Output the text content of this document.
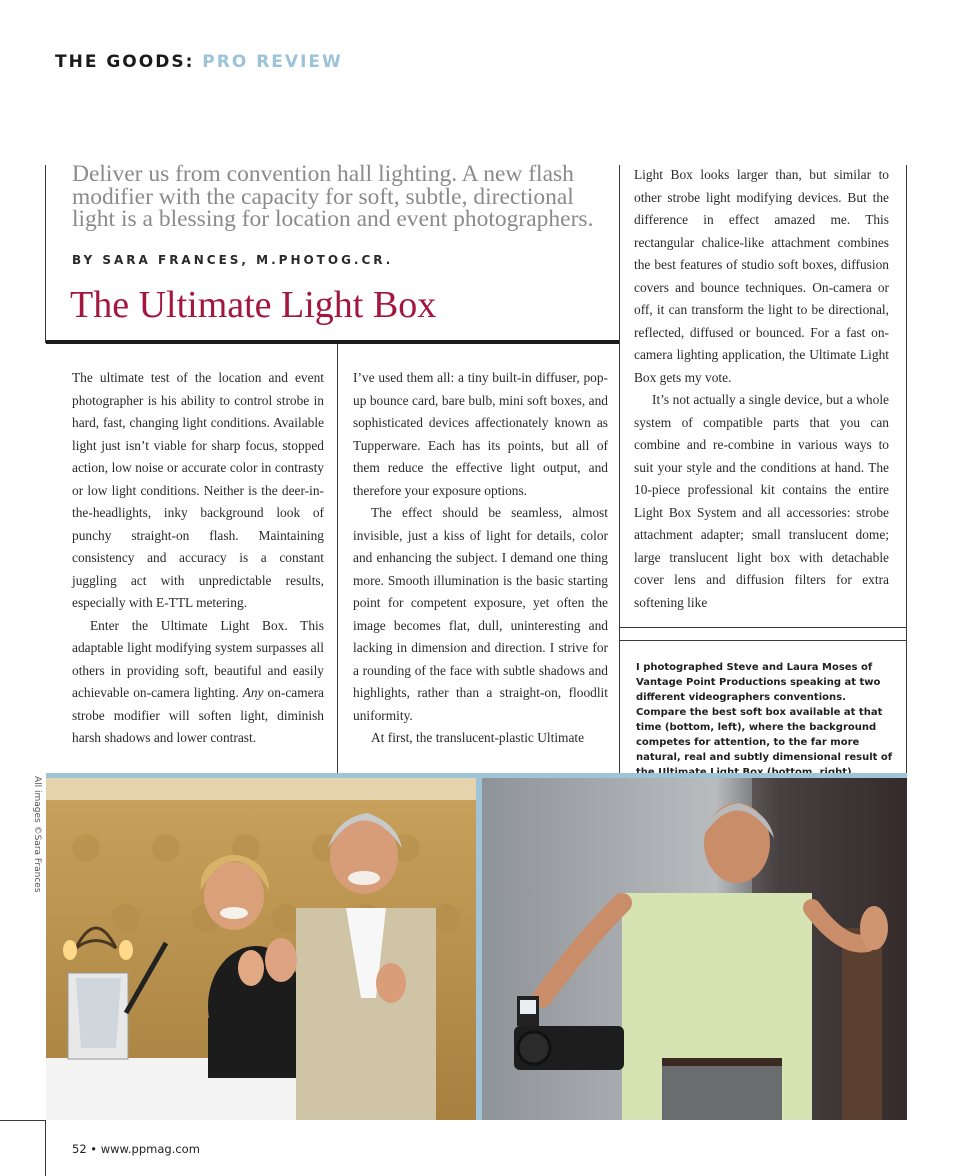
THE GOODS: PRO REVIEW

Deliver us from convention hall lighting. A new flash modifier with the capacity for soft, subtle, directional light is a blessing for location and event photographers.

BY SARA FRANCES, M.PHOTOG.CR.

The Ultimate Light Box

The ultimate test of the location and event photographer is his ability to control strobe in hard, fast, changing light conditions. Available light just isn’t viable for sharp focus, stopped action, low noise or accurate color in contrasty or low light conditions. Neither is the deer-in-the-headlights, inky background look of punchy straight-on flash. Maintaining consistency and accuracy is a constant juggling act with unpredictable results, especially with E-TTL metering.

Enter the Ultimate Light Box. This adaptable light modifying system surpasses all others in providing soft, beautiful and easily achievable on-camera lighting. Any on-camera strobe modifier will soften light, diminish harsh shadows and lower contrast.

I’ve used them all: a tiny built-in diffuser, pop-up bounce card, bare bulb, mini soft boxes, and sophisticated devices affectionately known as Tupperware. Each has its points, but all of them reduce the effective light output, and therefore your exposure options.

The effect should be seamless, almost invisible, just a kiss of light for details, color and enhancing the subject. I demand one thing more. Smooth illumination is the basic starting point for competent exposure, yet often the image becomes flat, dull, uninteresting and lacking in dimension and direction. I strive for a rounding of the face with subtle shadows and highlights, rather than a straight-on, floodlit uniformity.

At first, the translucent-plastic Ultimate

Light Box looks larger than, but similar to other strobe light modifying devices. But the difference in effect amazed me. This rectangular chalice-like attachment combines the best features of studio soft boxes, diffusion covers and bounce techniques. On-camera or off, it can transform the light to be directional, reflected, diffused or bounced. For a fast on-camera lighting application, the Ultimate Light Box gets my vote.

It’s not actually a single device, but a whole system of compatible parts that you can combine and re-combine in various ways to suit your style and the conditions at hand. The 10-piece professional kit contains the entire Light Box System and all accessories: strobe attachment adapter; small translucent dome; large translucent light box with detachable cover lens and diffusion filters for extra softening like

I photographed Steve and Laura Moses of Vantage Point Productions speaking at two different videographers conventions. Compare the best soft box available at that time (bottom, left), where the background competes for attention, to the far more natural, real and subtly dimensional result of

All images ©Sara Frances

52 • www.ppmag.com
